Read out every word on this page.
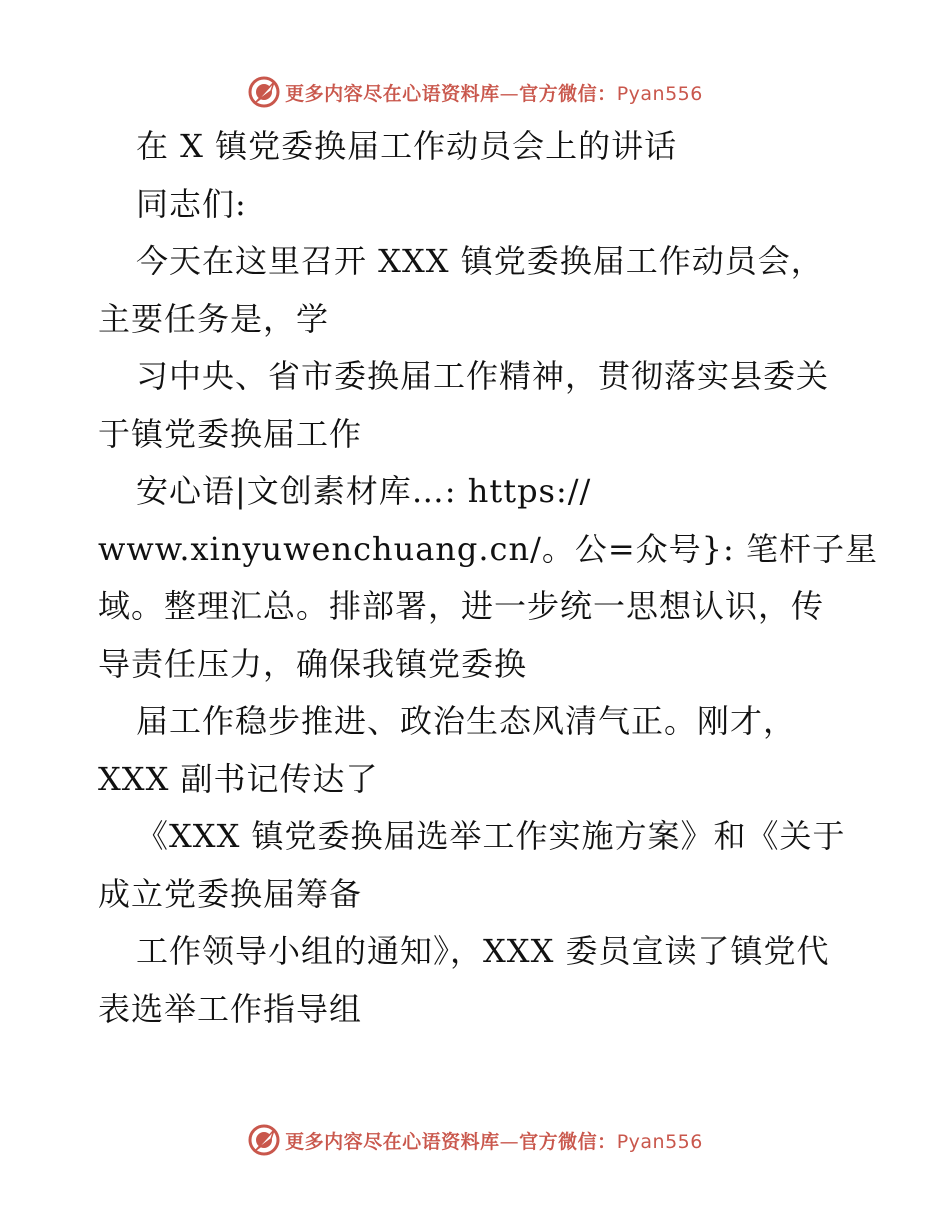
更多内容尽在心语资料库—官方微信：Pyan556
在 X 镇党委换届工作动员会上的讲话
同志们:
今天在这里召开 XXX 镇党委换届工作动员会，
主要任务是，学
习中央、省市委换届工作精神，贯彻落实县委关
于镇党委换届工作
安心语|文创素材库…: https://
www.xinyuwenchuang.cn/。公=众号}: 笔杆子星
域。整理汇总。排部署，进一步统一思想认识，传
导责任压力，确保我镇党委换
届工作稳步推进、政治生态风清气正。刚才，
XXX 副书记传达了
《XXX 镇党委换届选举工作实施方案》和《关于
成立党委换届筹备
工作领导小组的通知》，XXX 委员宣读了镇党代
表选举工作指导组
更多内容尽在心语资料库—官方微信：Pyan556
